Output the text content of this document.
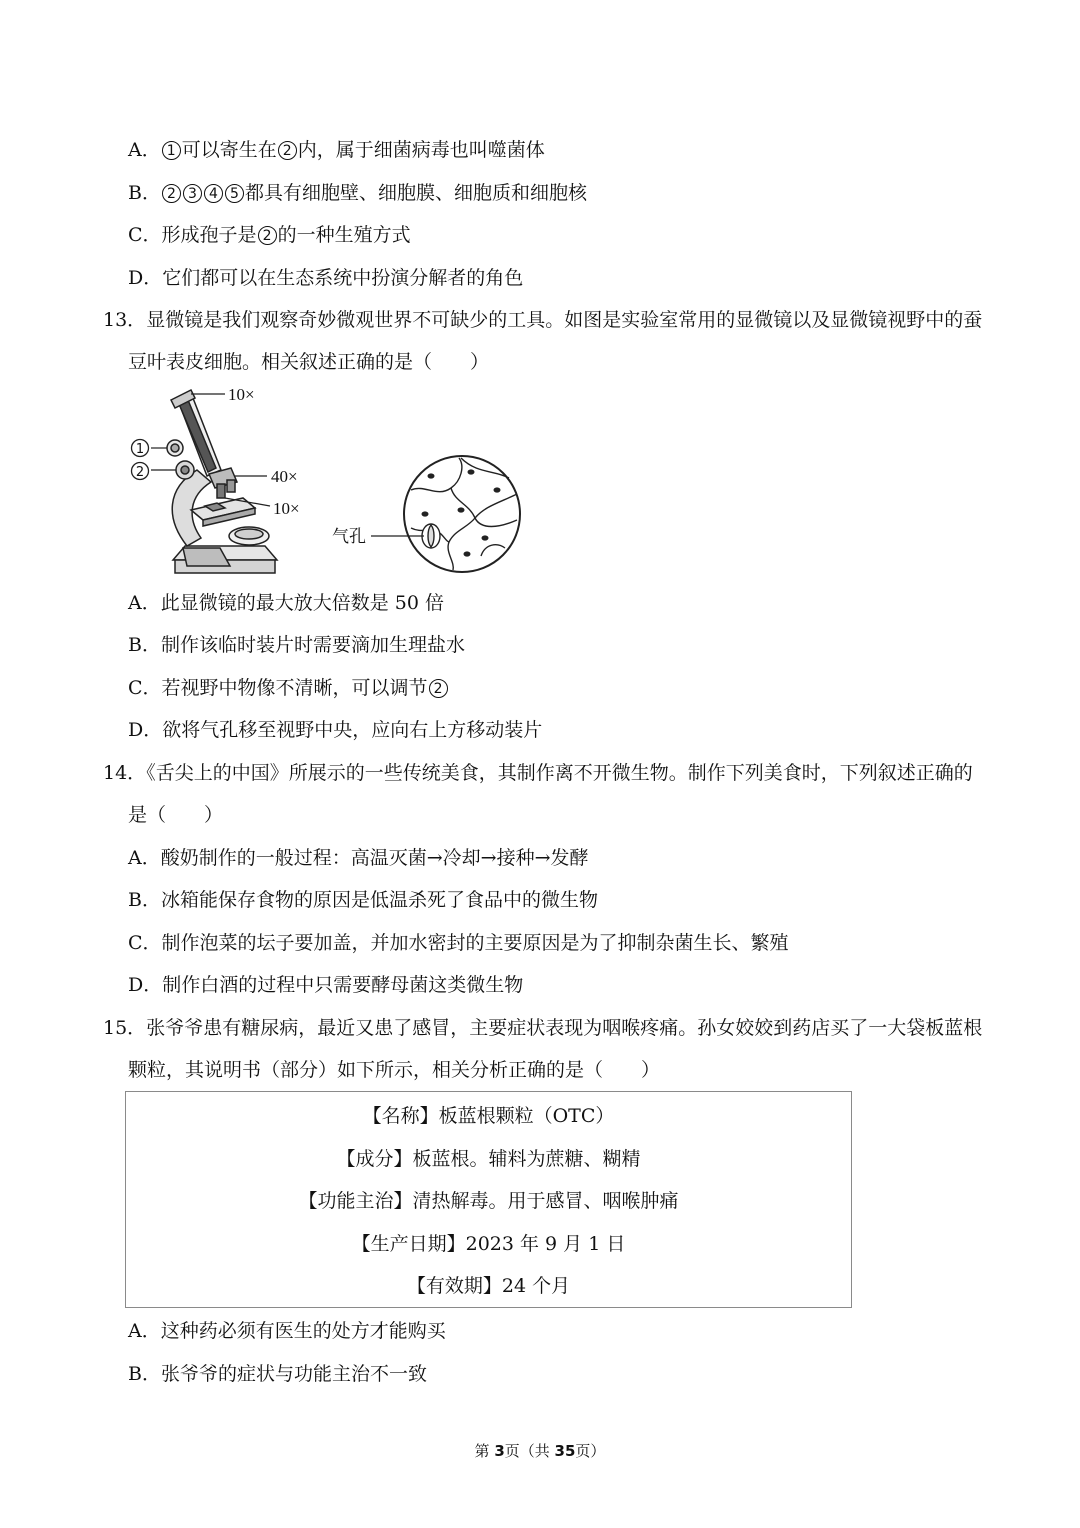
A． 1 可以寄生在 2 内，属于细菌病毒也叫噬菌体
B． 2 3 4 5 都具有细胞壁、细胞膜、细胞质和细胞核
C．形成孢子是 2 的一种生殖方式
D．它们都可以在生态系统中扮演分解者的角色
13．显微镜是我们观察奇妙微观世界不可缺少的工具。如图是实验室常用的显微镜以及显微镜视野中的蚕
豆叶表皮细胞。相关叙述正确的是（　　）
10×
1
2	40×
10×
气孔
A．此显微镜的最大放大倍数是 50 倍
B．制作该临时装片时需要滴加生理盐水
C．若视野中物像不清晰，可以调节 2
D．欲将气孔移至视野中央，应向右上方移动装片
14．《舌尖上的中国》所展示的一些传统美食，其制作离不开微生物。制作下列美食时，下列叙述正确的
是（　　）
A．酸奶制作的一般过程：高温灭菌→冷却→接种→发酵
B．冰箱能保存食物的原因是低温杀死了食品中的微生物
C．制作泡菜的坛子要加盖，并加水密封的主要原因是为了抑制杂菌生长、繁殖
D．制作白酒的过程中只需要酵母菌这类微生物
15．张爷爷患有糖尿病，最近又患了感冒，主要症状表现为咽喉疼痛。孙女姣姣到药店买了一大袋板蓝根
颗粒，其说明书（部分）如下所示，相关分析正确的是（　　）
【名称】板蓝根颗粒（OTC）
【成分】板蓝根。辅料为蔗糖、糊精
【功能主治】清热解毒。用于感冒、咽喉肿痛
【生产日期】2023 年 9 月 1 日
【有效期】24 个月
A．这种药必须有医生的处方才能购买
B．张爷爷的症状与功能主治不一致
第 3页（共 35页）
